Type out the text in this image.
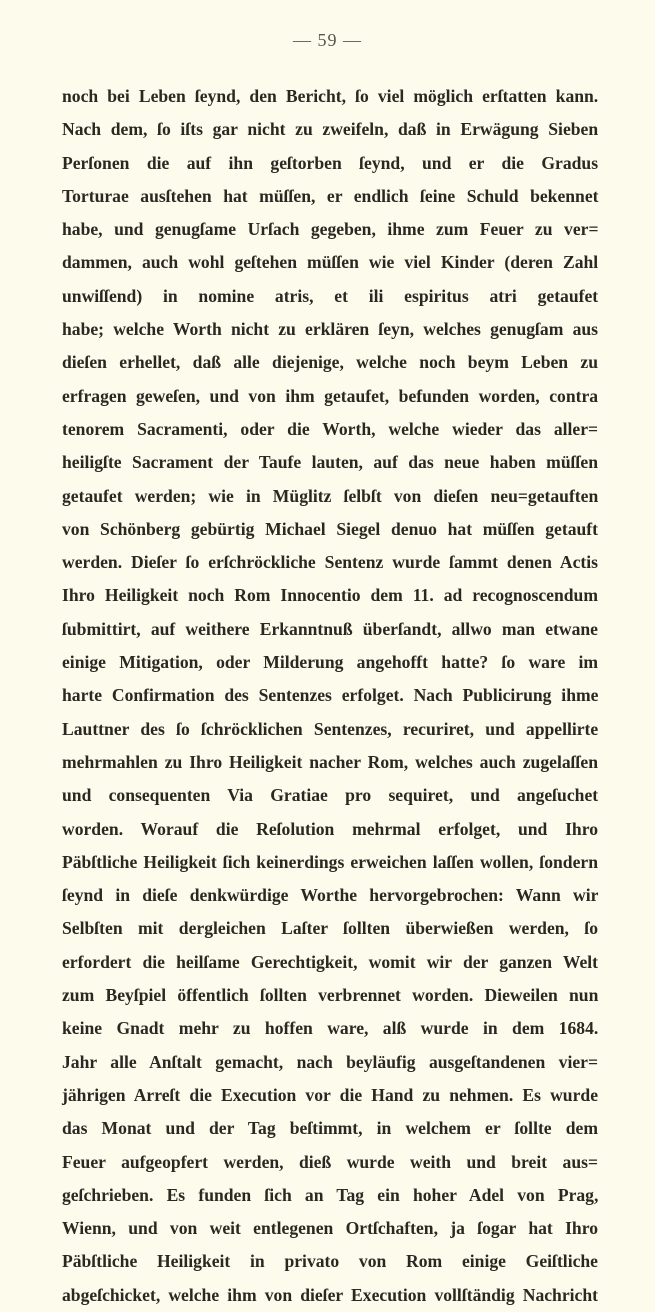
— 59 —
noch bei Leben ſeynd, den Bericht, ſo viel möglich erſtatten kann.
Nach dem, ſo iſts gar nicht zu zweifeln, daß in Erwägung Sieben
Perſonen die auf ihn geſtorben ſeynd, und er die Gradus
Torturae ausſtehen hat müſſen, er endlich ſeine Schuld bekennet
habe, und genugſame Urſach gegeben, ihme zum Feuer zu ver=
dammen, auch wohl geſtehen müſſen wie viel Kinder (deren Zahl
unwiſſend) in nomine atris, et ili espiritus atri getaufet
habe; welche Worth nicht zu erklären ſeyn, welches genugſam aus
dieſen erhellet, daß alle diejenige, welche noch beym Leben zu
erfragen geweſen, und von ihm getaufet, befunden worden, contra
tenorem Sacramenti, oder die Worth, welche wieder das aller=
heiligſte Sacrament der Taufe lauten, auf das neue haben müſſen
getaufet werden; wie in Müglitz ſelbſt von dieſen neu=getauften
von Schönberg gebürtig Michael Siegel denuo hat müſſen getauft
werden. Dieſer ſo erſchröckliche Sentenz wurde ſammt denen Actis
Ihro Heiligkeit noch Rom Innocentio dem 11. ad recognoscendum
ſubmittirt, auf weithere Erkanntnuß überſandt, allwo man etwane
einige Mitigation, oder Milderung angehofft hatte? ſo ware im
harte Confirmation des Sentenzes erfolget. Nach Publicirung ihme
Lauttner des ſo ſchröcklichen Sentenzes, recuriret, und appellirte
mehrmahlen zu Ihro Heiligkeit nacher Rom, welches auch zugelaſſen
und consequenten Via Gratiae pro sequiret, und angeſuchet
worden. Worauf die Reſolution mehrmal erfolget, und Ihro
Päbſtliche Heiligkeit ſich keinerdings erweichen laſſen wollen, ſondern
ſeynd in dieſe denkwürdige Worthe hervorgebrochen: Wann wir
Selbſten mit dergleichen Laſter ſollten überwießen werden, ſo
erfordert die heilſame Gerechtigkeit, womit wir der ganzen Welt
zum Beyſpiel öffentlich ſollten verbrennet worden. Dieweilen nun
keine Gnadt mehr zu hoffen ware, alß wurde in dem 1684.
Jahr alle Anſtalt gemacht, nach beyläufig ausgeſtandenen vier=
jährigen Arreſt die Execution vor die Hand zu nehmen. Es wurde
das Monat und der Tag beſtimmt, in welchem er ſollte dem
Feuer aufgeopfert werden, dieß wurde weith und breit aus=
geſchrieben. Es funden ſich an Tag ein hoher Adel von Prag,
Wienn, und von weit entlegenen Ortſchaften, ja ſogar hat Ihro
Päbſtliche Heiligkeit in privato von Rom einige Geiſtliche
abgeſchicket, welche ihm von dieſer Execution vollſtändig Nachricht
